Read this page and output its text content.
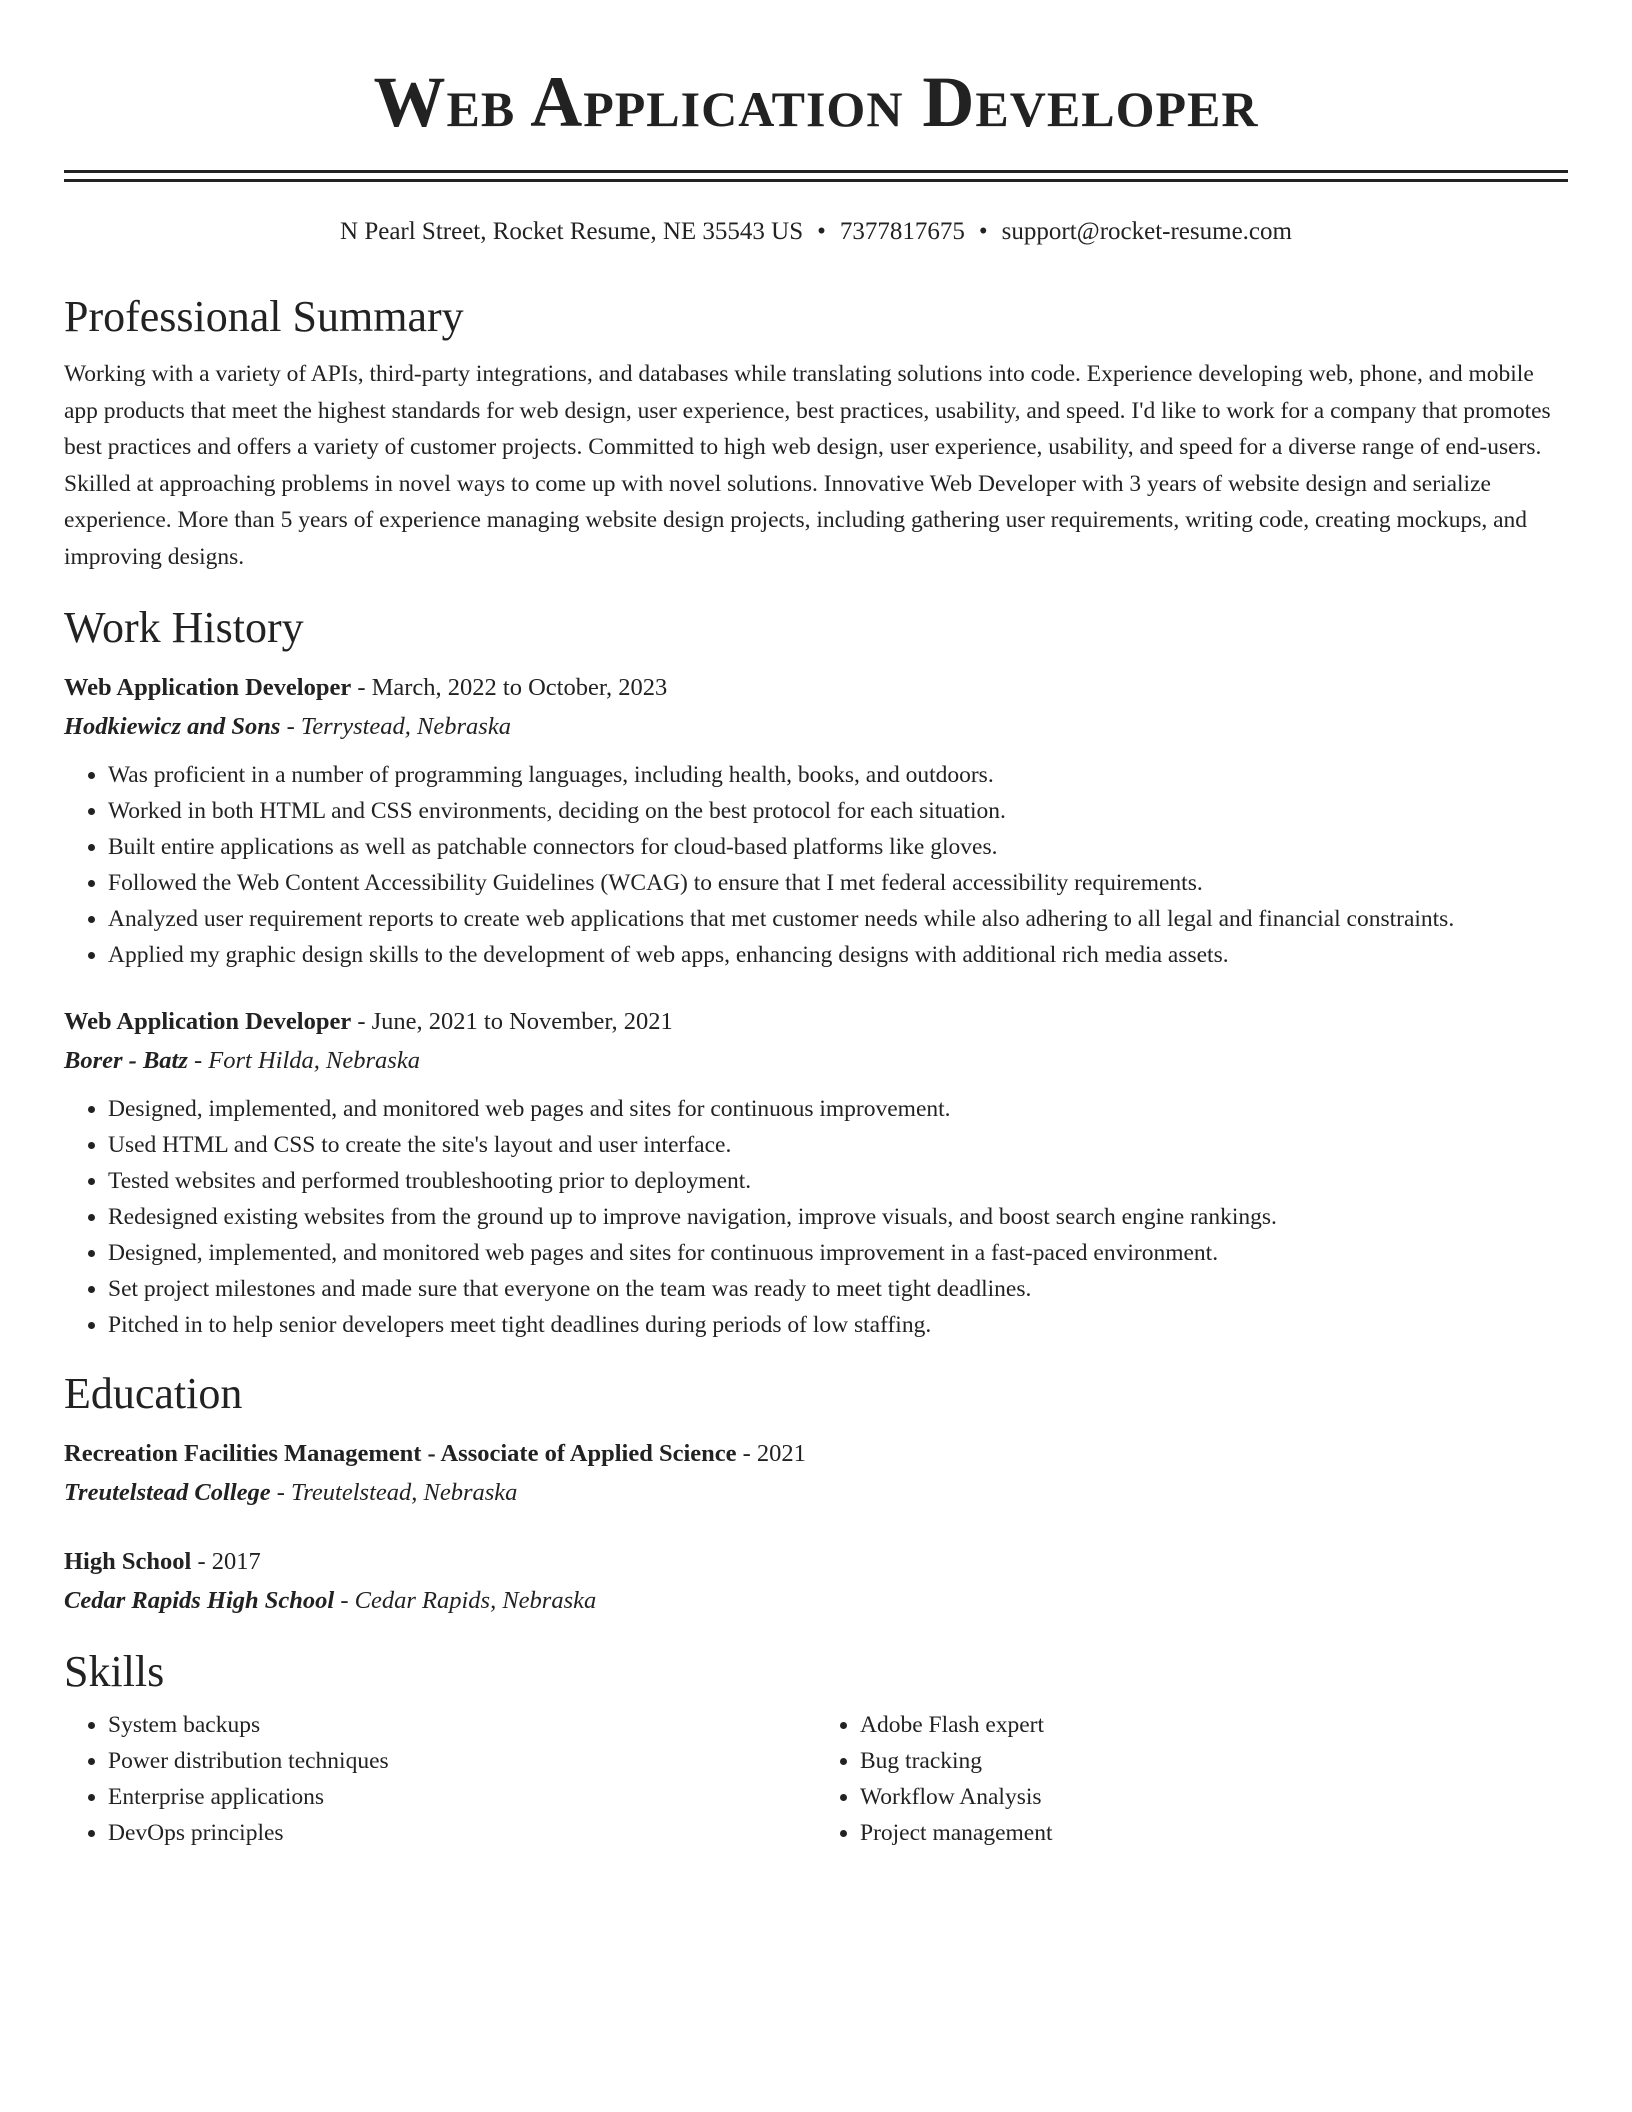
Web Application Developer
N Pearl Street, Rocket Resume, NE 35543 US • 7377817675 • support@rocket-resume.com
Professional Summary

Working with a variety of APIs, third-party integrations, and databases while translating solutions into code. Experience developing web, phone, and mobile app products that meet the highest standards for web design, user experience, best practices, usability, and speed. I'd like to work for a company that promotes best practices and offers a variety of customer projects. Committed to high web design, user experience, usability, and speed for a diverse range of end-users. Skilled at approaching problems in novel ways to come up with novel solutions. Innovative Web Developer with 3 years of website design and serialize experience. More than 5 years of experience managing website design projects, including gathering user requirements, writing code, creating mockups, and improving designs.

Work History
Web Application Developer - March, 2022 to October, 2023
Hodkiewicz and Sons - Terrystead, Nebraska
• Was proficient in a number of programming languages, including health, books, and outdoors.
• Worked in both HTML and CSS environments, deciding on the best protocol for each situation.
• Built entire applications as well as patchable connectors for cloud-based platforms like gloves.
• Followed the Web Content Accessibility Guidelines (WCAG) to ensure that I met federal accessibility requirements.
• Analyzed user requirement reports to create web applications that met customer needs while also adhering to all legal and financial constraints.
• Applied my graphic design skills to the development of web apps, enhancing designs with additional rich media assets.
Web Application Developer - June, 2021 to November, 2021
Borer - Batz - Fort Hilda, Nebraska
• Designed, implemented, and monitored web pages and sites for continuous improvement.
• Used HTML and CSS to create the site's layout and user interface.
• Tested websites and performed troubleshooting prior to deployment.
• Redesigned existing websites from the ground up to improve navigation, improve visuals, and boost search engine rankings.
• Designed, implemented, and monitored web pages and sites for continuous improvement in a fast-paced environment.
• Set project milestones and made sure that everyone on the team was ready to meet tight deadlines.
• Pitched in to help senior developers meet tight deadlines during periods of low staffing.
Education
Recreation Facilities Management - Associate of Applied Science - 2021
Treutelstead College - Treutelstead, Nebraska
High School - 2017
Cedar Rapids High School - Cedar Rapids, Nebraska
Skills
• System backups
• Power distribution techniques
• Enterprise applications
• DevOps principles
• Adobe Flash expert
• Bug tracking
• Workflow Analysis
• Project management
